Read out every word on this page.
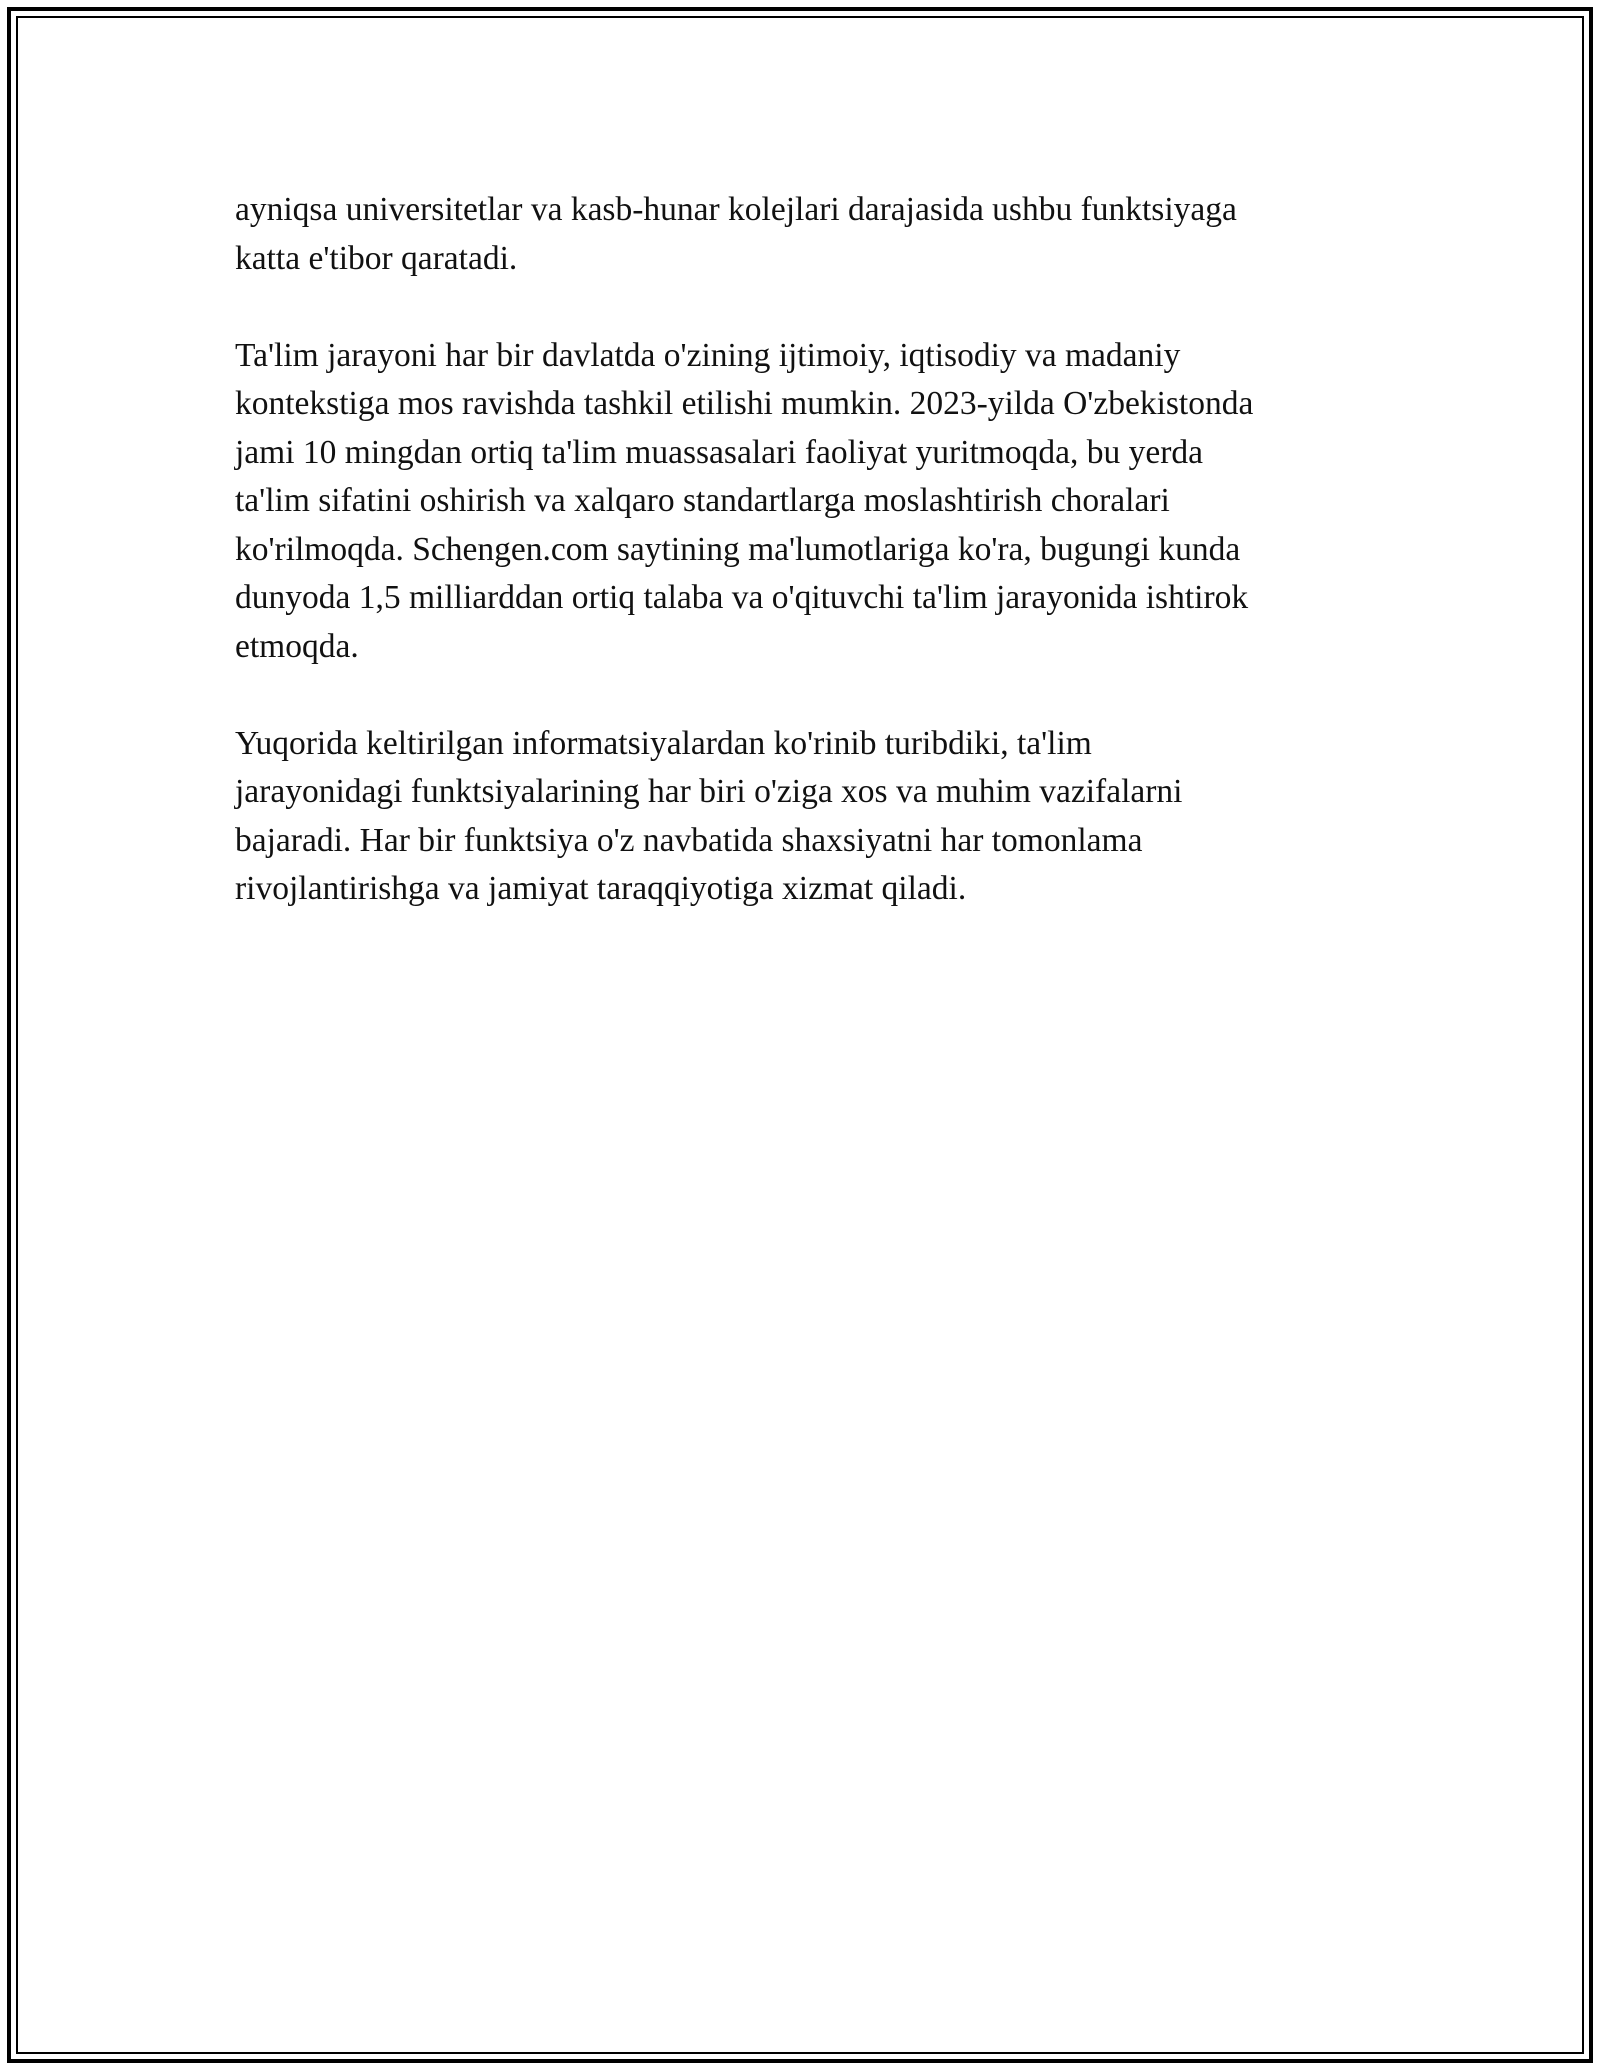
ayniqsa universitetlar va kasb-hunar kolejlari darajasida ushbu funktsiyaga
katta e'tibor qaratadi.

Ta'lim jarayoni har bir davlatda o'zining ijtimoiy, iqtisodiy va madaniy
kontekstiga mos ravishda tashkil etilishi mumkin. 2023-yilda O'zbekistonda
jami 10 mingdan ortiq ta'lim muassasalari faoliyat yuritmoqda, bu yerda
ta'lim sifatini oshirish va xalqaro standartlarga moslashtirish choralari
ko'rilmoqda. Schengen.com saytining ma'lumotlariga ko'ra, bugungi kunda
dunyoda 1,5 milliarddan ortiq talaba va o'qituvchi ta'lim jarayonida ishtirok
etmoqda.

Yuqorida keltirilgan informatsiyalardan ko'rinib turibdiki, ta'lim
jarayonidagi funktsiyalarining har biri o'ziga xos va muhim vazifalarni
bajaradi. Har bir funktsiya o'z navbatida shaxsiyatni har tomonlama
rivojlantirishga va jamiyat taraqqiyotiga xizmat qiladi.
